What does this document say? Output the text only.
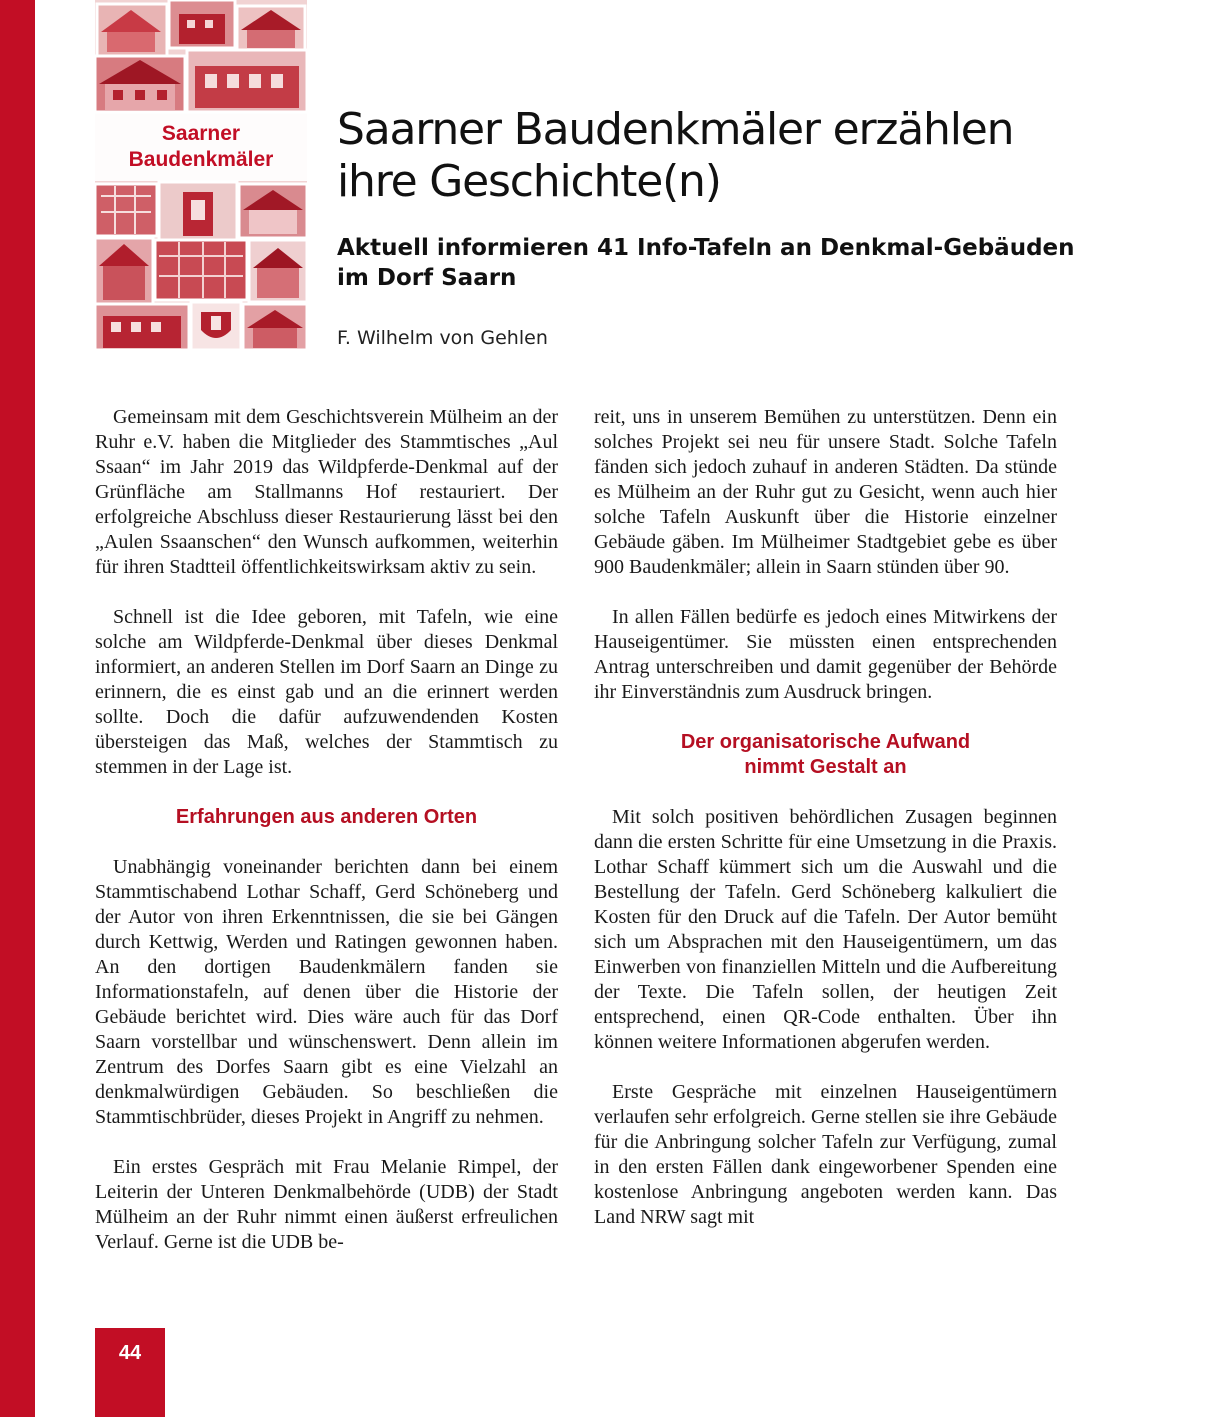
Saarner
Baudenkmäler
Saarner Baudenkmäler erzählen ihre Geschichte(n)
Aktuell informieren 41 Info-Tafeln an Denkmal-Gebäuden im Dorf Saarn
F. Wilhelm von Gehlen

Gemeinsam mit dem Geschichtsverein Mülheim an der Ruhr e.V. haben die Mitglieder des Stammtisches „Aul Ssaan“ im Jahr 2019 das Wildpferde-Denkmal auf der Grünfläche am Stallmanns Hof restauriert. Der erfolgreiche Abschluss dieser Restaurierung lässt bei den „Aulen Ssaanschen“ den Wunsch aufkommen, weiterhin für ihren Stadtteil öffentlichkeitswirksam aktiv zu sein.

Schnell ist die Idee geboren, mit Tafeln, wie eine solche am Wildpferde-Denkmal über dieses Denkmal informiert, an anderen Stellen im Dorf Saarn an Dinge zu erinnern, die es einst gab und an die erinnert werden sollte. Doch die dafür aufzuwendenden Kosten übersteigen das Maß, welches der Stammtisch zu stemmen in der Lage ist.

Erfahrungen aus anderen Orten

Unabhängig voneinander berichten dann bei einem Stammtischabend Lothar Schaff, Gerd Schöneberg und der Autor von ihren Erkenntnissen, die sie bei Gängen durch Kettwig, Werden und Ratingen gewonnen haben. An den dortigen Baudenkmälern fanden sie Informationstafeln, auf denen über die Historie der Gebäude berichtet wird. Dies wäre auch für das Dorf Saarn vorstellbar und wünschenswert. Denn allein im Zentrum des Dorfes Saarn gibt es eine Vielzahl an denkmalwürdigen Gebäuden. So beschließen die Stammtischbrüder, dieses Projekt in Angriff zu nehmen.

Ein erstes Gespräch mit Frau Melanie Rimpel, der Leiterin der Unteren Denkmalbehörde (UDB) der Stadt Mülheim an der Ruhr nimmt einen äußerst erfreulichen Verlauf. Gerne ist die UDB be-

reit, uns in unserem Bemühen zu unterstützen. Denn ein solches Projekt sei neu für unsere Stadt. Solche Tafeln fänden sich jedoch zuhauf in anderen Städten. Da stünde es Mülheim an der Ruhr gut zu Gesicht, wenn auch hier solche Tafeln Auskunft über die Historie einzelner Gebäude gäben. Im Mülheimer Stadtgebiet gebe es über 900 Baudenkmäler; allein in Saarn stünden über 90.

In allen Fällen bedürfe es jedoch eines Mitwirkens der Hauseigentümer. Sie müssten einen entsprechenden Antrag unterschreiben und damit gegenüber der Behörde ihr Einverständnis zum Ausdruck bringen.

Der organisatorische Aufwand
nimmt Gestalt an

Mit solch positiven behördlichen Zusagen beginnen dann die ersten Schritte für eine Umsetzung in die Praxis. Lothar Schaff kümmert sich um die Auswahl und die Bestellung der Tafeln. Gerd Schöneberg kalkuliert die Kosten für den Druck auf die Tafeln. Der Autor bemüht sich um Absprachen mit den Hauseigentümern, um das Einwerben von finanziellen Mitteln und die Aufbereitung der Texte. Die Tafeln sollen, der heutigen Zeit entsprechend, einen QR-Code enthalten. Über ihn können weitere Informationen abgerufen werden.

Erste Gespräche mit einzelnen Hauseigentümern verlaufen sehr erfolgreich. Gerne stellen sie ihre Gebäude für die Anbringung solcher Tafeln zur Verfügung, zumal in den ersten Fällen dank eingeworbener Spenden eine kostenlose Anbringung angeboten werden kann. Das Land NRW sagt mit

44
